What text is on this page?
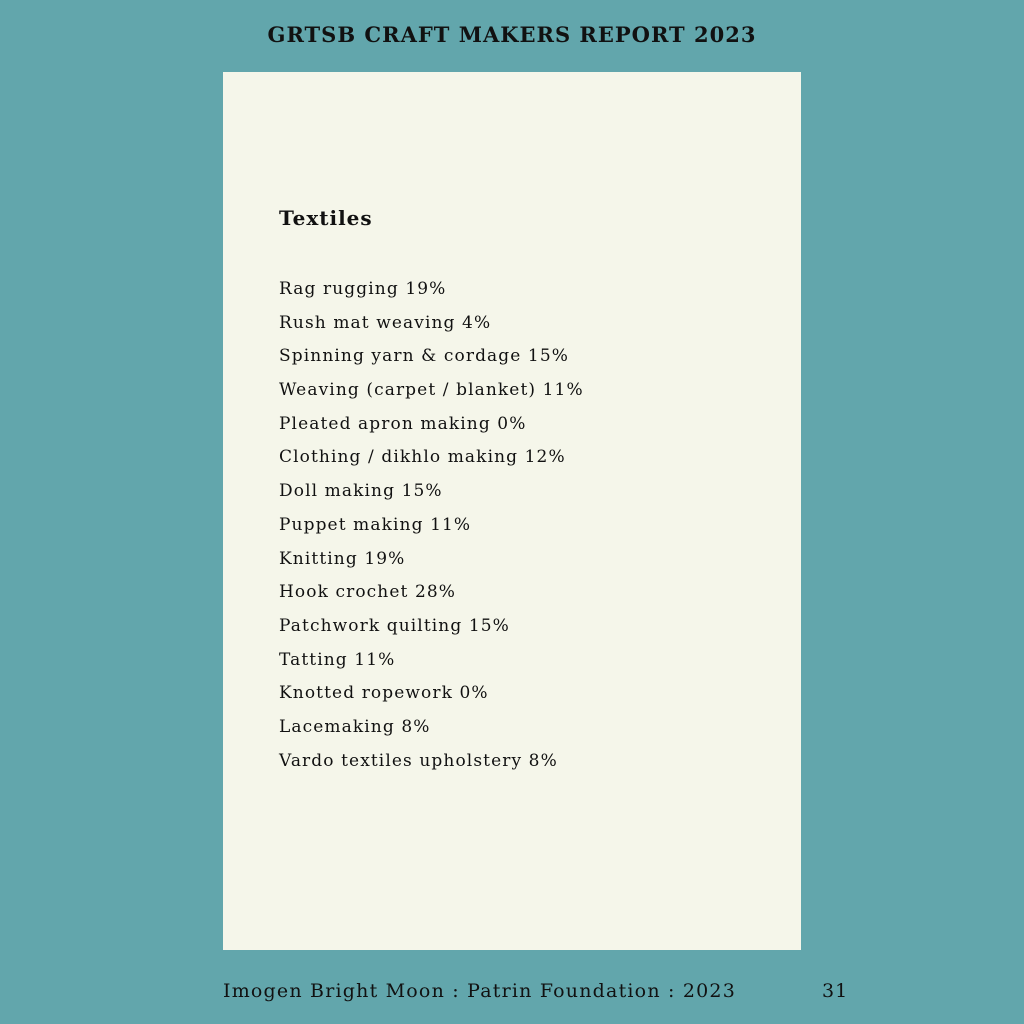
GRTSB CRAFT MAKERS REPORT 2023
Textiles
Rag rugging 19%
Rush mat weaving 4%
Spinning yarn & cordage 15%
Weaving (carpet / blanket) 11%
Pleated apron making 0%
Clothing / dikhlo making 12%
Doll making 15%
Puppet making 11%
Knitting 19%
Hook crochet 28%
Patchwork quilting 15%
Tatting 11%
Knotted ropework 0%
Lacemaking 8%
Vardo textiles upholstery 8%
Imogen Bright Moon : Patrin Foundation : 2023	31
